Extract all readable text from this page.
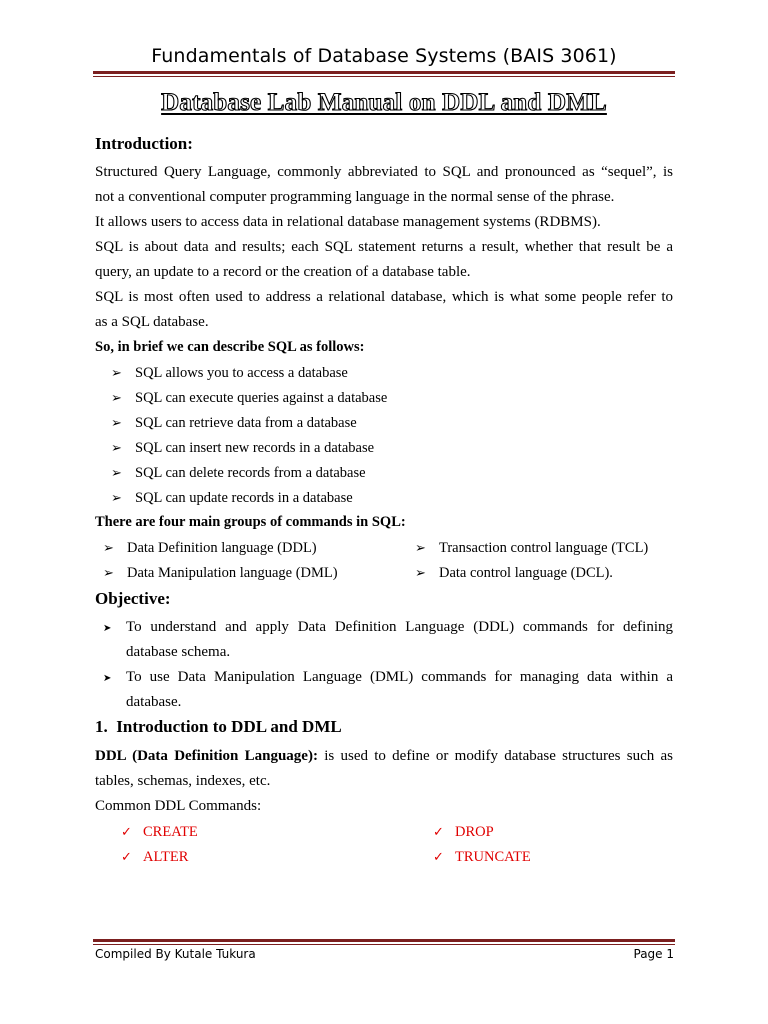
Fundamentals of Database Systems (BAIS 3061)
Database Lab Manual on DDL and DML
Introduction:
Structured Query Language, commonly abbreviated to SQL and pronounced as “sequel”, is
not a conventional computer programming language in the normal sense of the phrase.
It allows users to access data in relational database management systems (RDBMS).
SQL is about data and results; each SQL statement returns a result, whether that result be a
query, an update to a record or the creation of a database table.
SQL is most often used to address a relational database, which is what some people refer to
as a SQL database.
So, in brief we can describe SQL as follows:
➢ SQL allows you to access a database
➢ SQL can execute queries against a database
➢ SQL can retrieve data from a database
➢ SQL can insert new records in a database
➢ SQL can delete records from a database
➢ SQL can update records in a database
There are four main groups of commands in SQL:
➢ Data Definition language (DDL)
➢ Data Manipulation language (DML)
➢ Transaction control language (TCL)
➢ Data control language (DCL).
Objective:
➤ To understand and apply Data Definition Language (DDL) commands for defining
database schema.
➤ To use Data Manipulation Language (DML) commands for managing data within a
database.
1.  Introduction to DDL and DML
DDL (Data Definition Language): is used to define or modify database structures such as
tables, schemas, indexes, etc.
Common DDL Commands:
✓ CREATE
✓ ALTER
✓ DROP
✓ TRUNCATE
Compiled By Kutale Tukura	Page 1
